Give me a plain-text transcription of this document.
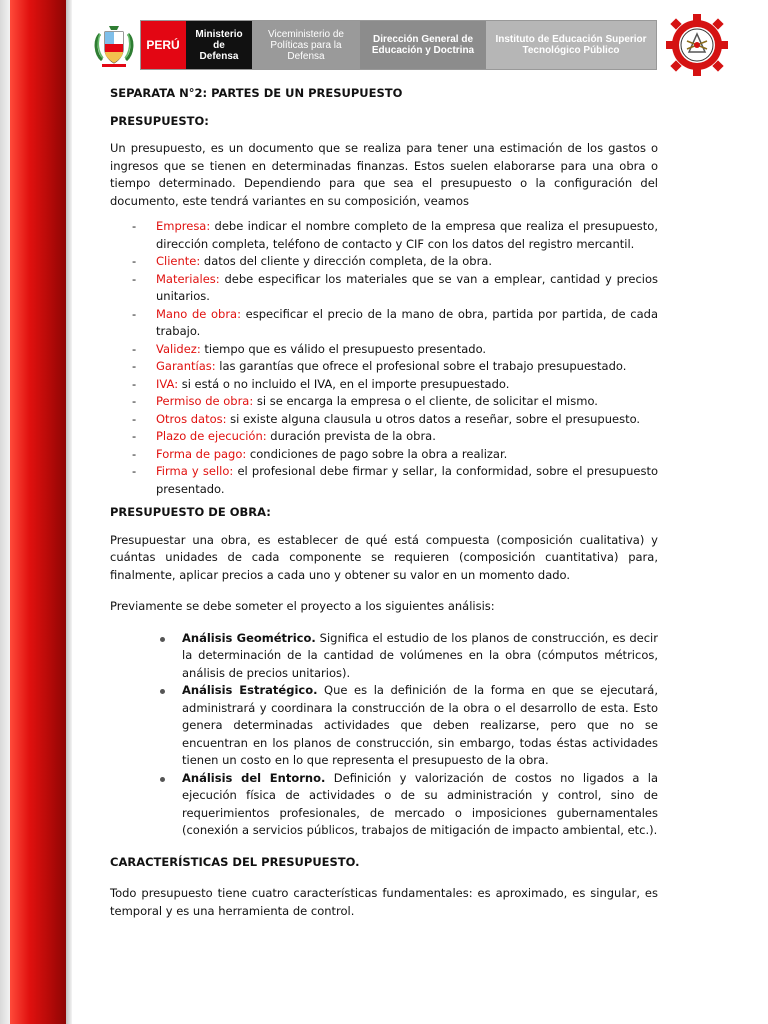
PERÚ
Ministerio
de
Defensa
Viceministerio de
Políticas para la
Defensa
Dirección General de
Educación y Doctrina
Instituto de Educación Superior
Tecnológico Público

SEPARATA N°2: PARTES DE UN PRESUPUESTO

PRESUPUESTO:

Un presupuesto, es un documento que se realiza para tener una estimación de los gastos o ingresos que se tienen en determinadas finanzas. Estos suelen elaborarse para una obra o tiempo determinado. Dependiendo para que sea el presupuesto o la configuración del documento, este tendrá variantes en su composición, veamos

- Empresa: debe indicar el nombre completo de la empresa que realiza el presupuesto, dirección completa, teléfono de contacto y CIF con los datos del registro mercantil.
- Cliente: datos del cliente y dirección completa, de la obra.
- Materiales: debe especificar los materiales que se van a emplear, cantidad y precios unitarios.
- Mano de obra: especificar el precio de la mano de obra, partida por partida, de cada trabajo.
- Validez: tiempo que es válido el presupuesto presentado.
- Garantías: las garantías que ofrece el profesional sobre el trabajo presupuestado.
- IVA: si está o no incluido el IVA, en el importe presupuestado.
- Permiso de obra: si se encarga la empresa o el cliente, de solicitar el mismo.
- Otros datos: si existe alguna clausula u otros datos a reseñar, sobre el presupuesto.
- Plazo de ejecución: duración prevista de la obra.
- Forma de pago: condiciones de pago sobre la obra a realizar.
- Firma y sello: el profesional debe firmar y sellar, la conformidad, sobre el presupuesto presentado.

PRESUPUESTO DE OBRA:

Presupuestar una obra, es establecer de qué está compuesta (composición cualitativa) y cuántas unidades de cada componente se requieren (composición cuantitativa) para, finalmente, aplicar precios a cada uno y obtener su valor en un momento dado.

Previamente se debe someter el proyecto a los siguientes análisis:

Análisis Geométrico. Significa el estudio de los planos de construcción, es decir la determinación de la cantidad de volúmenes en la obra (cómputos métricos, análisis de precios unitarios).
Análisis Estratégico. Que es la definición de la forma en que se ejecutará, administrará y coordinara la construcción de la obra o el desarrollo de esta. Esto genera determinadas actividades que deben realizarse, pero que no se encuentran en los planos de construcción, sin embargo, todas éstas actividades tienen un costo en lo que representa el presupuesto de la obra.
Análisis del Entorno. Definición y valorización de costos no ligados a la ejecución física de actividades o de su administración y control, sino de requerimientos profesionales, de mercado o imposiciones gubernamentales (conexión a servicios públicos, trabajos de mitigación de impacto ambiental, etc.).

CARACTERÍSTICAS DEL PRESUPUESTO.

Todo presupuesto tiene cuatro características fundamentales: es aproximado, es singular, es temporal y es una herramienta de control.
